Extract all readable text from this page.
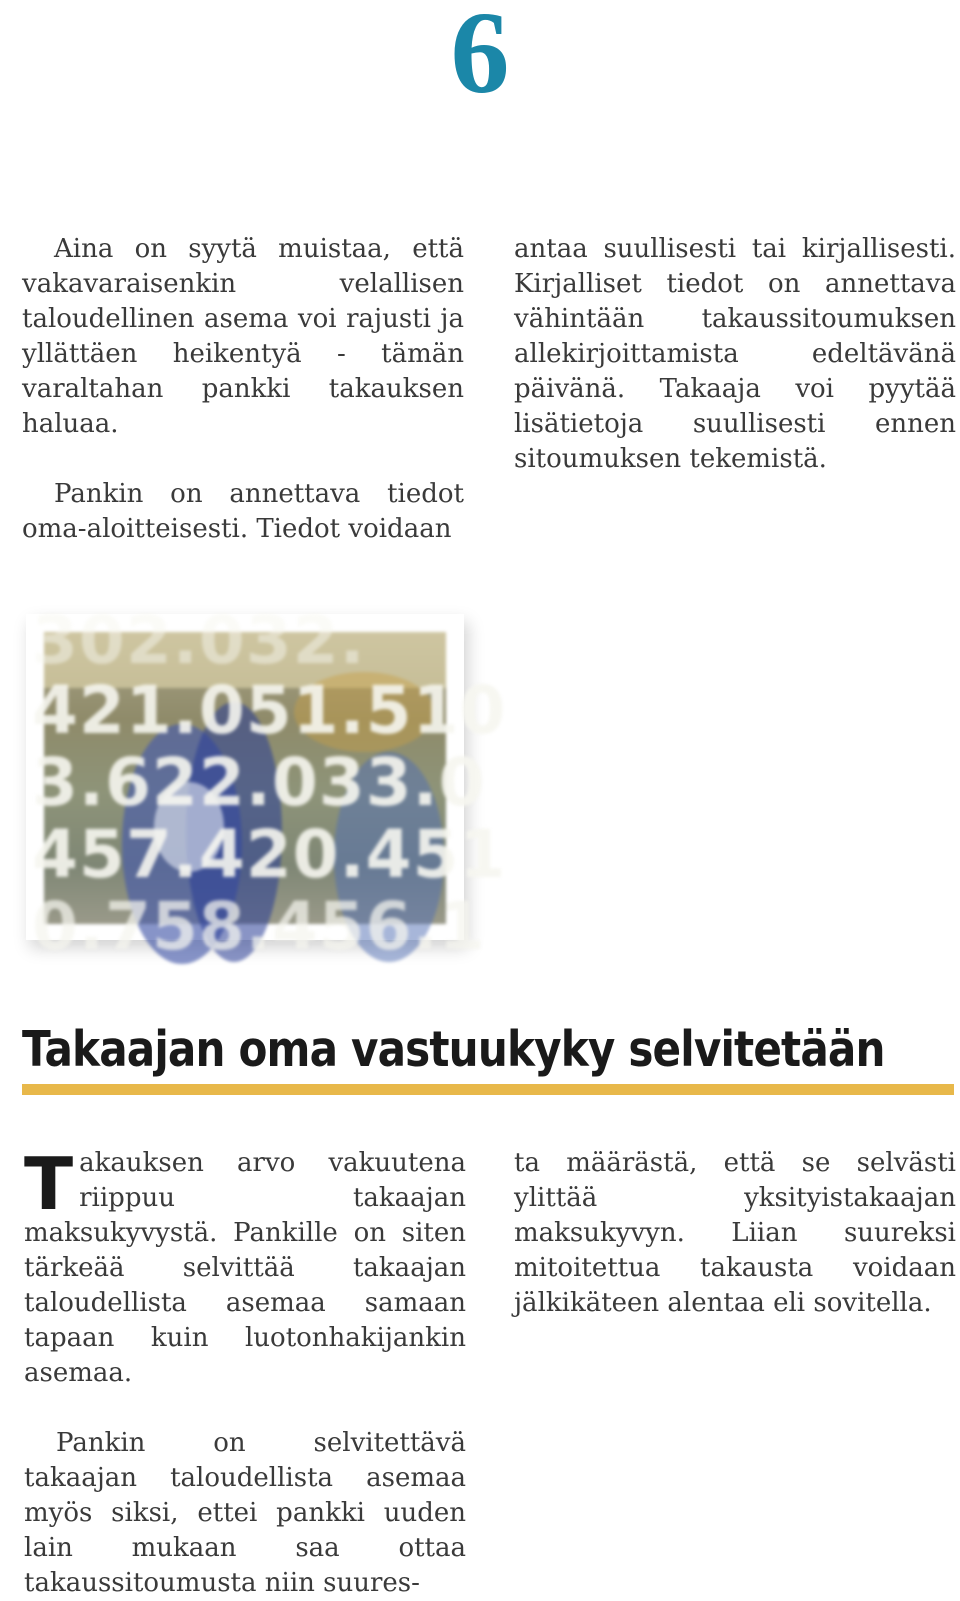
6

Aina on syytä muistaa, että vakavaraisenkin velallisen taloudellinen asema voi rajusti ja yllättäen heikentyä - tämän varaltahan pankki takauksen haluaa.

Pankin on annettava tiedot oma-aloitteisesti. Tiedot voidaan

antaa suullisesti tai kirjallisesti. Kirjalliset tiedot on annettava vähintään takaussitoumuksen allekirjoittamista edeltävänä päivänä. Takaaja voi pyytää lisätietoja suullisesti ennen sitoumuksen tekemistä.

302.032.
421.051.510
3.622.033.0
457.420.451
0.758.456.1
Takaajan oma vastuukyky selvitetään

Takauksen arvo vakuutena riippuu takaajan maksukyvystä. Pankille on siten tärkeää selvittää takaajan taloudellista asemaa samaan tapaan kuin luotonhakijankin asemaa.

Pankin on selvitettävä takaajan taloudellista asemaa myös siksi, ettei pankki uuden lain mukaan saa ottaa takaussitoumusta niin suures-

ta määrästä, että se selvästi ylittää yksityistakaajan maksukyvyn. Liian suureksi mitoitettua takausta voidaan jälkikäteen alentaa eli sovitella.
